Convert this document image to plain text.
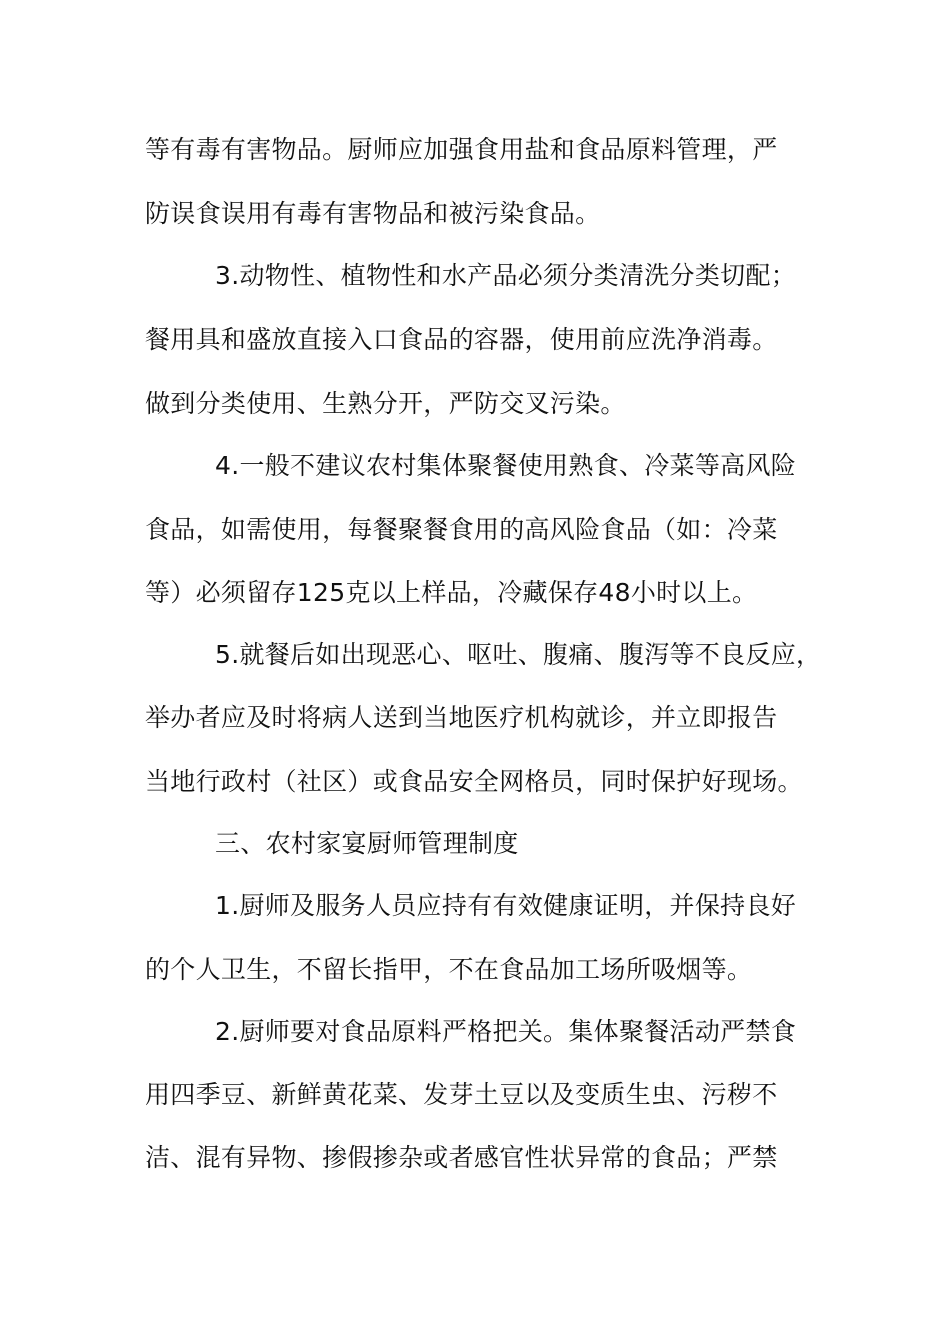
等有毒有害物品。厨师应加强食用盐和食品原料管理，严
防误食误用有毒有害物品和被污染食品。
3.动物性、植物性和水产品必须分类清洗分类切配；
餐用具和盛放直接入口食品的容器，使用前应洗净消毒。
做到分类使用、生熟分开，严防交叉污染。
4.一般不建议农村集体聚餐使用熟食、冷菜等高风险
食品，如需使用，每餐聚餐食用的高风险食品（如：冷菜
等）必须留存125克以上样品，冷藏保存48小时以上。
5.就餐后如出现恶心、呕吐、腹痛、腹泻等不良反应，
举办者应及时将病人送到当地医疗机构就诊，并立即报告
当地行政村（社区）或食品安全网格员，同时保护好现场。
三、农村家宴厨师管理制度
1.厨师及服务人员应持有有效健康证明，并保持良好
的个人卫生，不留长指甲，不在食品加工场所吸烟等。
2.厨师要对食品原料严格把关。集体聚餐活动严禁食
用四季豆、新鲜黄花菜、发芽土豆以及变质生虫、污秽不
洁、混有异物、掺假掺杂或者感官性状异常的食品；严禁
